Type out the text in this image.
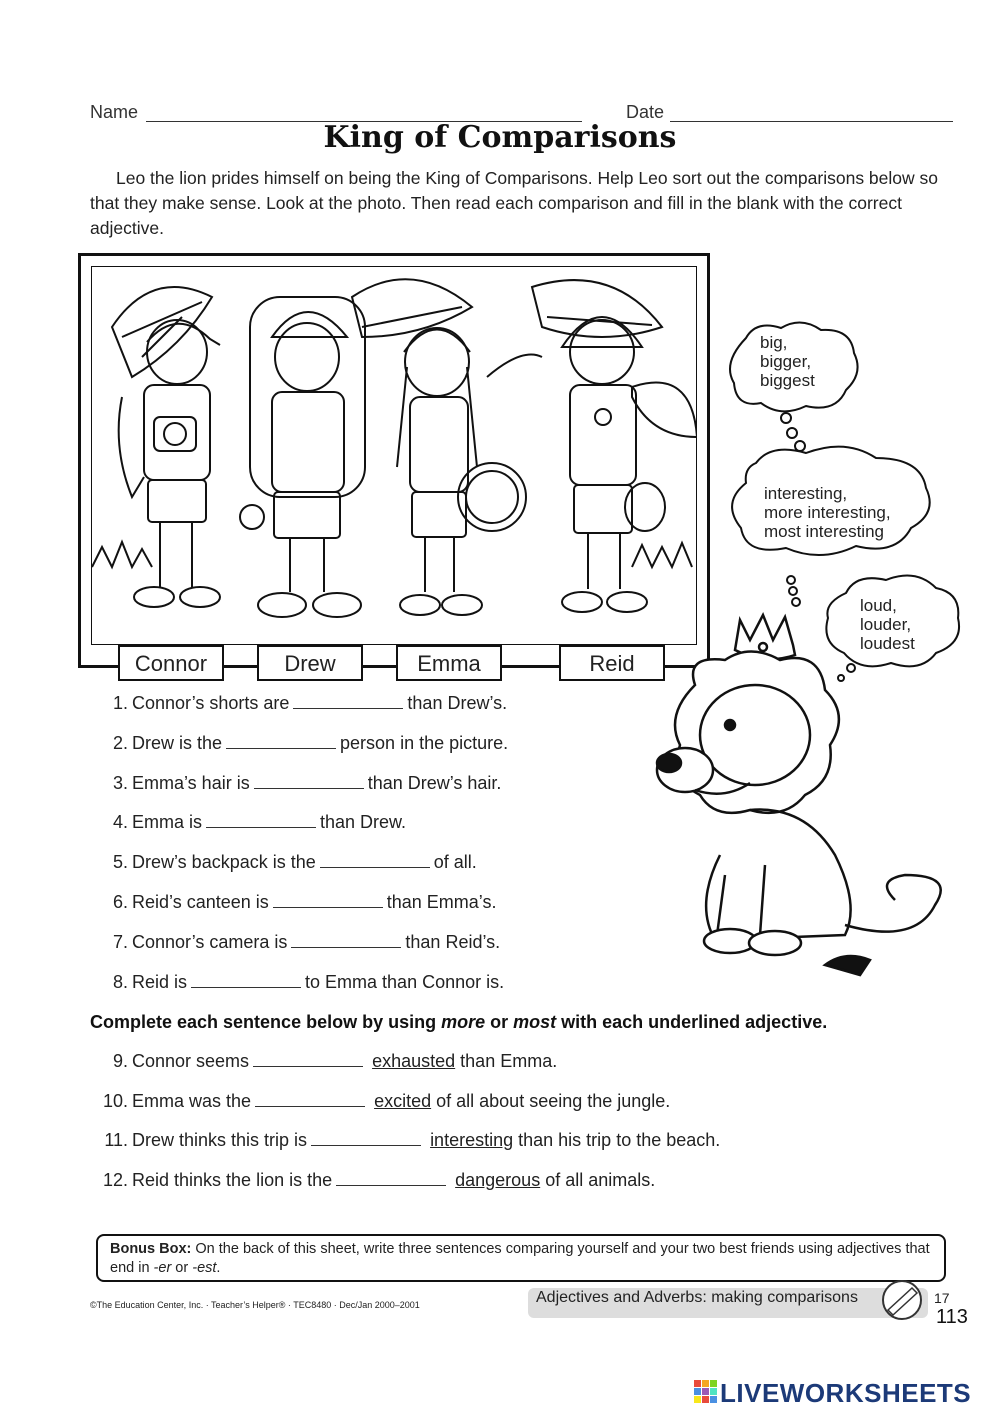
Name	Date
King of Comparisons
Leo the lion prides himself on being the King of Comparisons. Help Leo sort out the comparisons below so that they make sense. Look at the photo. Then read each comparison and fill in the blank with the correct adjective.
Connor	Drew	Emma	Reid
big,
bigger,
biggest
interesting,
more interesting,
most interesting
loud,
louder,
loudest
1. Connor’s shorts are	than Drew’s.
2. Drew is the	person in the picture.
3. Emma’s hair is	than Drew’s hair.
4. Emma is	than Drew.
5. Drew’s backpack is the	of all.
6. Reid’s canteen is	than Emma’s.
7. Connor’s camera is	than Reid’s.
8. Reid is	to Emma than Connor is.
Complete each sentence below by using more or most with each underlined adjective.
9. Connor seems	exhausted than Emma.
10. Emma was the	excited of all about seeing the jungle.
11. Drew thinks this trip is	interesting than his trip to the beach.
12. Reid thinks the lion is the	dangerous of all animals.
Bonus Box: On the back of this sheet, write three sentences comparing yourself and your two best friends using adjectives that end in -er or -est.
©The Education Center, Inc. · Teacher’s Helper® · TEC8480 · Dec/Jan 2000–2001	Adjectives and Adverbs: making comparisons	17
113
LIVEWORKSHEETS
